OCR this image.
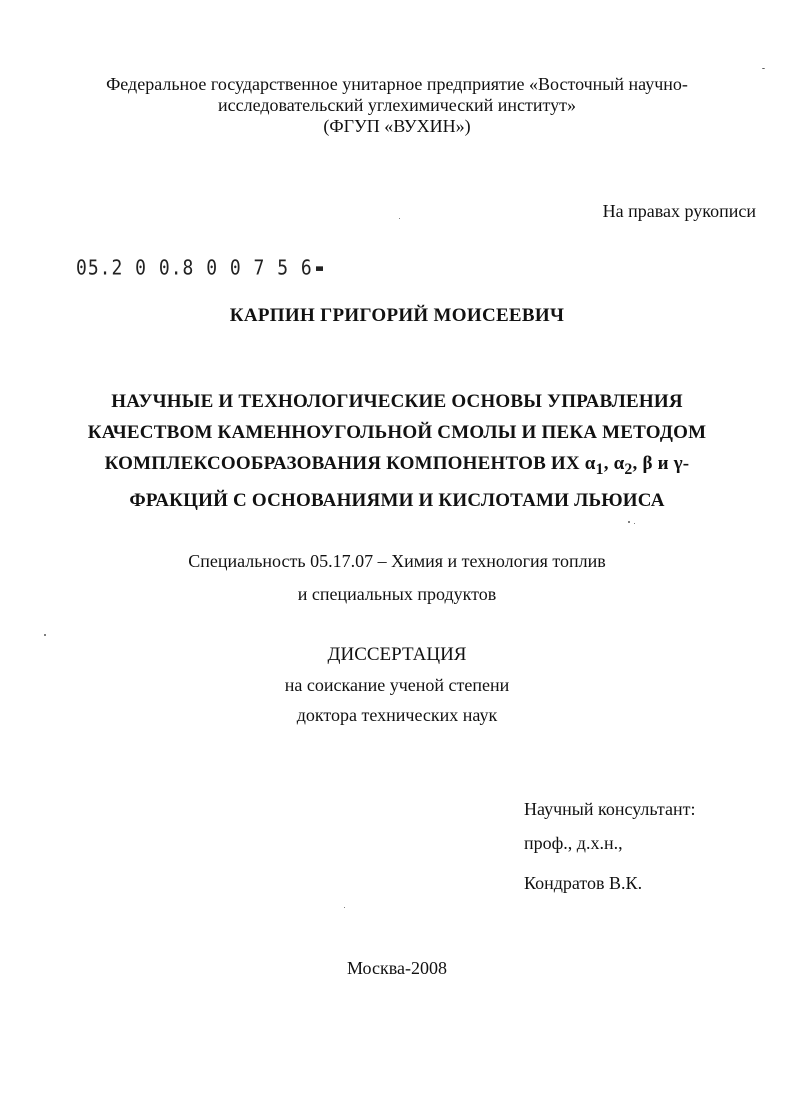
Федеральное государственное унитарное предприятие «Восточный научно-
исследовательский углехимический институт»
(ФГУП «ВУХИН»)
На правах рукописи
05.2 0 0.8 0 0 7 5 6
КАРПИН ГРИГОРИЙ МОИСЕЕВИЧ
НАУЧНЫЕ И ТЕХНОЛОГИЧЕСКИЕ ОСНОВЫ УПРАВЛЕНИЯ
КАЧЕСТВОМ КАМЕННОУГОЛЬНОЙ СМОЛЫ И ПЕКА МЕТОДОМ
КОМПЛЕКСООБРАЗОВАНИЯ КОМПОНЕНТОВ ИХ $\alpha_1$, $\alpha_2$, β и γ-
ФРАКЦИЙ С ОСНОВАНИЯМИ И КИСЛОТАМИ ЛЬЮИСА
Специальность 05.17.07 – Химия и технология топлив
и специальных продуктов
ДИССЕРТАЦИЯ
на соискание ученой степени
доктора технических наук
Научный консультант:
проф., д.х.н.,
Кондратов В.К.
Москва-2008
